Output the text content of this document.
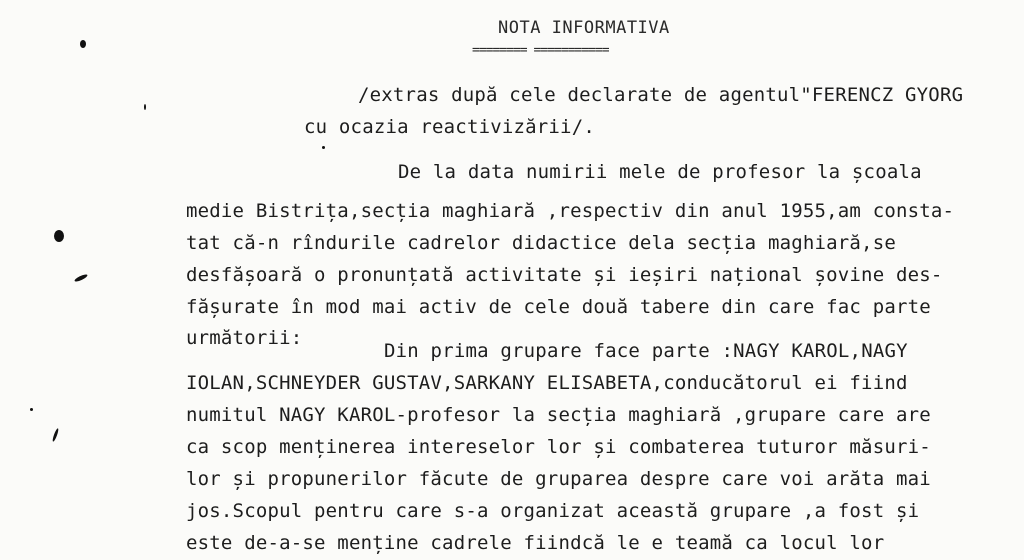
NOTA INFORMATIVA
======== ===========
/extras după cele declarate de agentul"FERENCZ GYORG
cu ocazia reactivizării/.
De la data numirii mele de profesor la școala
medie Bistrița,secția maghiară ,respectiv din anul 1955,am consta-
tat că-n rîndurile cadrelor didactice dela secția maghiară,se
desfășoară o pronunțată activitate și ieșiri național șovine des-
fășurate în mod mai activ de cele două tabere din care fac parte
următorii:
Din prima grupare face parte :NAGY KAROL,NAGY
IOLAN,SCHNEYDER GUSTAV,SARKANY ELISABETA,conducătorul ei fiind
numitul NAGY KAROL-profesor la secția maghiară ,grupare care are
ca scop menținerea intereselor lor și combaterea tuturor măsuri-
lor și propunerilor făcute de gruparea despre care voi arăta mai
jos.Scopul pentru care s-a organizat această grupare ,a fost și
este de-a-se menține cadrele fiindcă le e teamă ca locul lor
